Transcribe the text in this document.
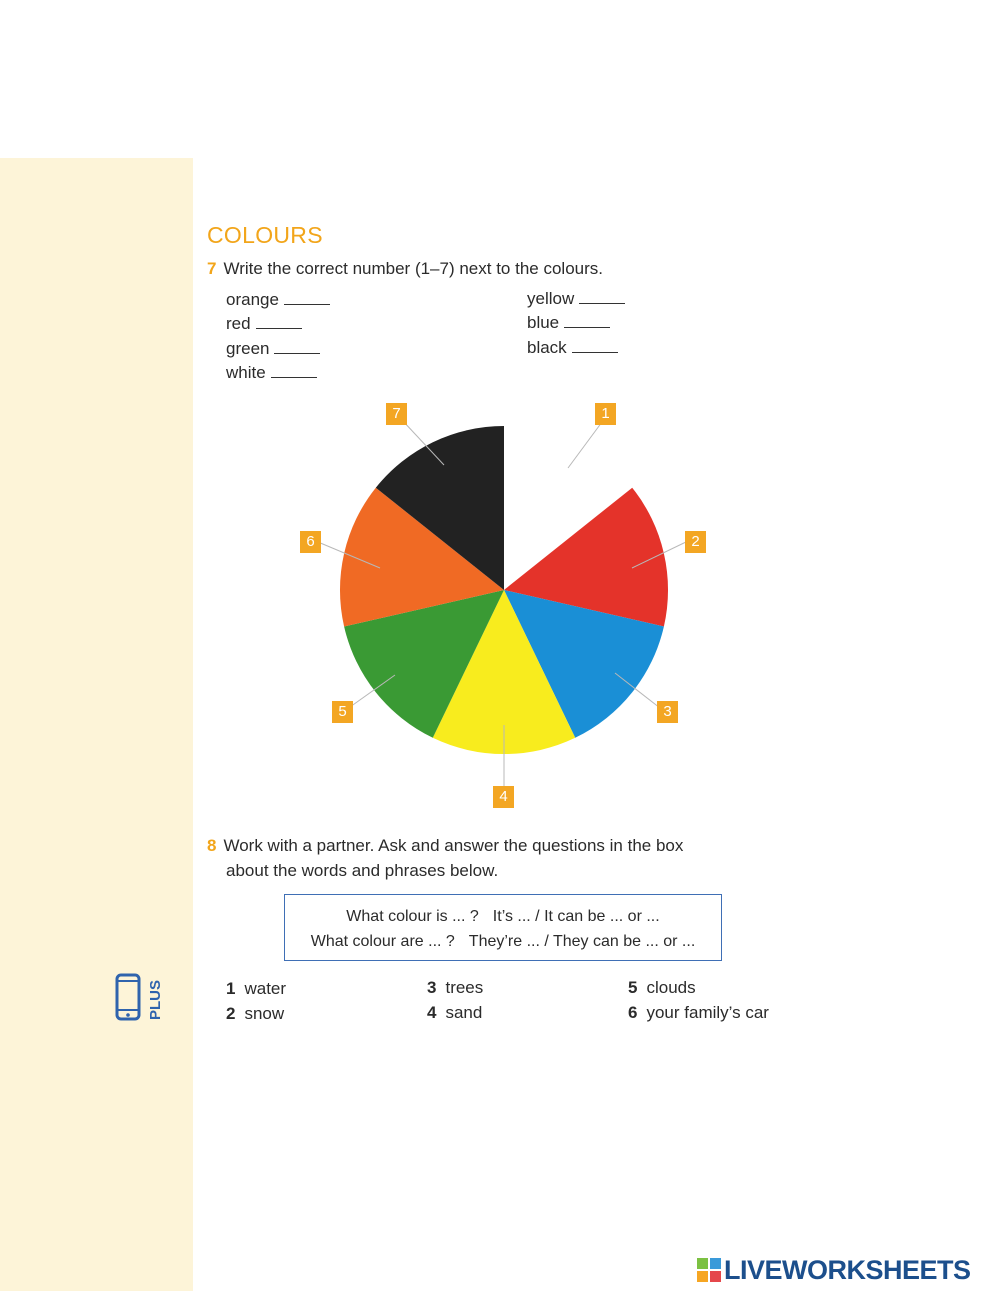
COLOURS
7 Write the correct number (1–7) next to the colours.
orange
red
green
white
yellow
blue
black
7	1
2
3
4
5
6
8 Work with a partner. Ask and answer the questions in the box
about the words and phrases below.
What colour is ... ? It’s ... / It can be ... or ...
What colour are ... ? They’re ... / They can be ... or ...
1 water
2 snow
3 trees
4 sand
5 clouds
6 your family’s car
PLUS
LIVEWORKSHEETS
